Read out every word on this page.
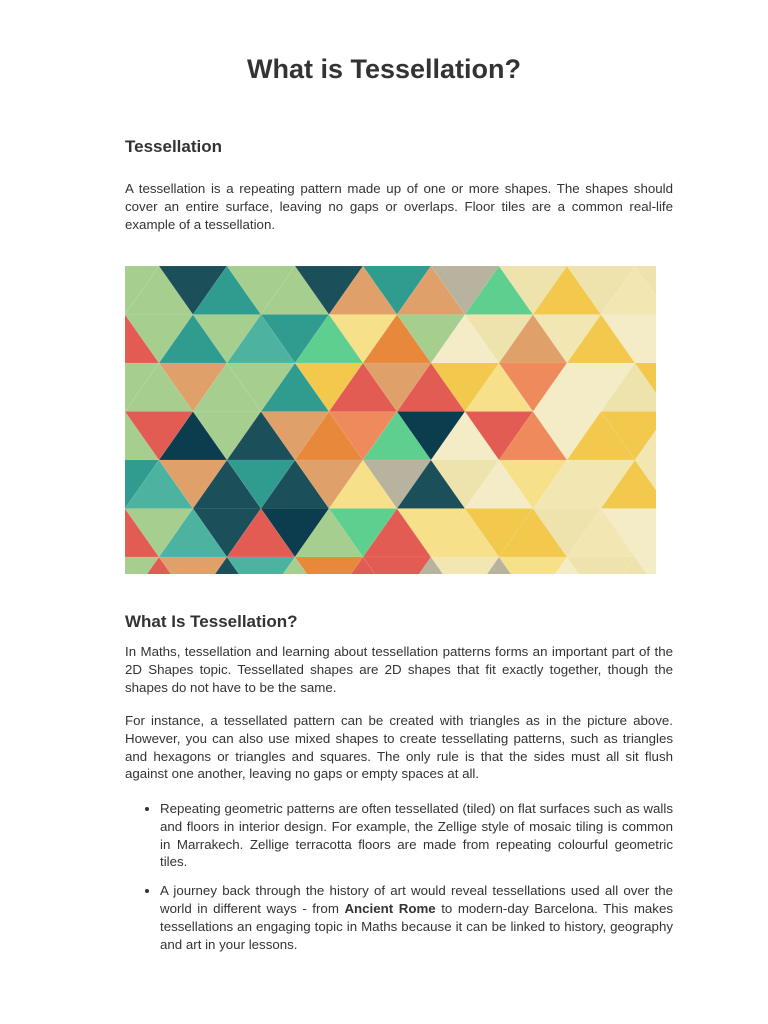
What is Tessellation?
Tessellation

A tessellation is a repeating pattern made up of one or more shapes. The shapes should cover an entire surface, leaving no gaps or overlaps. Floor tiles are a common real-life example of a tessellation.

What Is Tessellation?

In Maths, tessellation and learning about tessellation patterns forms an important part of the 2D Shapes topic. Tessellated shapes are 2D shapes that fit exactly together, though the shapes do not have to be the same.

For instance, a tessellated pattern can be created with triangles as in the picture above. However, you can also use mixed shapes to create tessellating patterns, such as triangles and hexagons or triangles and squares. The only rule is that the sides must all sit flush against one another, leaving no gaps or empty spaces at all.

• Repeating geometric patterns are often tessellated (tiled) on flat surfaces such as walls and floors in interior design. For example, the Zellige style of mosaic tiling is common in Marrakech. Zellige terracotta floors are made from repeating colourful geometric tiles.
• A journey back through the history of art would reveal tessellations used all over the world in different ways - from Ancient Rome to modern-day Barcelona. This makes tessellations an engaging topic in Maths because it can be linked to history, geography and art in your lessons.
